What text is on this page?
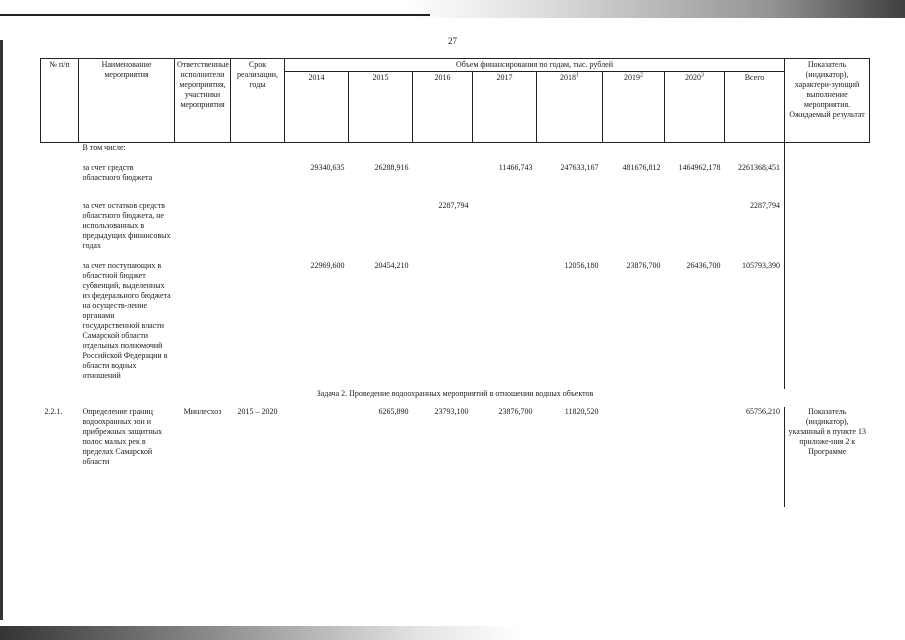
27
№ п/п	Наименование мероприятия	Ответственные исполнители мероприятия, участники мероприятия	Срок реализации, годы	Объем финансирования по годам, тыс. рублей								Показатель (индикатор), характери-зующий выполнение мероприятия. Ожидаемый результат
				2014	2015	2016	2017	2018$^1$	2019$^2$	2020$^3$	Всего	
	В том числе:											
	за счет средств областного бюджета			29340,635	26288,916		11466,743	247633,167	481676,812	1464962,178	2261368,451	
	за счет остатков средств областного бюджета, не использованных в предыдущих финансовых годах					2287,794					2287,794	
	за счет поступающих в областной бюджет субвенций, выделенных из федерального бюджета на осуществ-ление органами государственной власти Самарской области отдельных полномочий Российской Федерации в области водных отношений			22969,600	20454,210			12056,180	23876,700	26436,700	105793,390	
Задача 2. Проведение водоохранных мероприятий в отношении водных объектов												
2.2.1.	Определение границ водоохранных зон и прибрежных защитных полос малых рек в пределах Самарской области	Минлесхоз	2015 – 2020		6265,890	23793,100	23876,700	11820,520			65756,210	Показатель (индикатор), указанный в пункте 13 приложе-ния 2 к Программе
